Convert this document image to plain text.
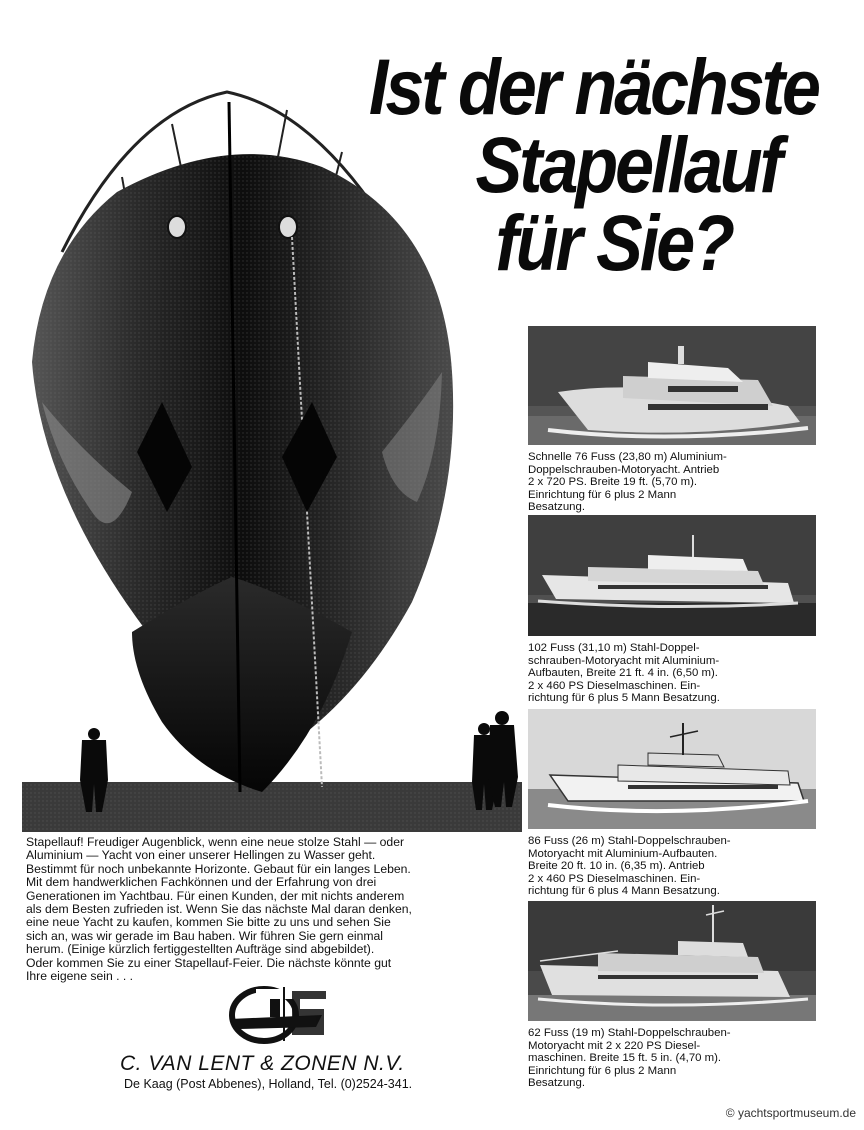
Ist der nächste
Stapellauf
für Sie?

Stapellauf! Freudiger Augenblick, wenn eine neue stolze Stahl — oder
Aluminium — Yacht von einer unserer Hellingen zu Wasser geht.
Bestimmt für noch unbekannte Horizonte. Gebaut für ein langes Leben.
Mit dem handwerklichen Fachkönnen und der Erfahrung von drei
Generationen im Yachtbau. Für einen Kunden, der mit nichts anderem
als dem Besten zufrieden ist. Wenn Sie das nächste Mal daran denken,
eine neue Yacht zu kaufen, kommen Sie bitte zu uns und sehen Sie
sich an, was wir gerade im Bau haben. Wir führen Sie gern einmal
herum. (Einige kürzlich fertiggestellten Aufträge sind abgebildet).
Oder kommen Sie zu einer Stapellauf-Feier. Die nächste könnte gut
Ihre eigene sein . . .

C. VAN LENT & ZONEN N.V.
De Kaag (Post Abbenes), Holland, Tel. (0)2524-341.
Schnelle 76 Fuss (23,80 m) Aluminium-
Doppelschrauben-Motoryacht. Antrieb
2 x 720 PS. Breite 19 ft. (5,70 m).
Einrichtung für 6 plus 2 Mann
Besatzung.
102 Fuss (31,10 m) Stahl-Doppel-
schrauben-Motoryacht mit Aluminium-
Aufbauten, Breite 21 ft. 4 in. (6,50 m).
2 x 460 PS Dieselmaschinen. Ein-
richtung für 6 plus 5 Mann Besatzung.
86 Fuss (26 m) Stahl-Doppelschrauben-
Motoryacht mit Aluminium-Aufbauten.
Breite 20 ft. 10 in. (6,35 m). Antrieb
2 x 460 PS Dieselmaschinen. Ein-
richtung für 6 plus 4 Mann Besatzung.
62 Fuss (19 m) Stahl-Doppelschrauben-
Motoryacht mit 2 x 220 PS Diesel-
maschinen. Breite 15 ft. 5 in. (4,70 m).
Einrichtung für 6 plus 2 Mann
Besatzung.
© yachtsportmuseum.de
